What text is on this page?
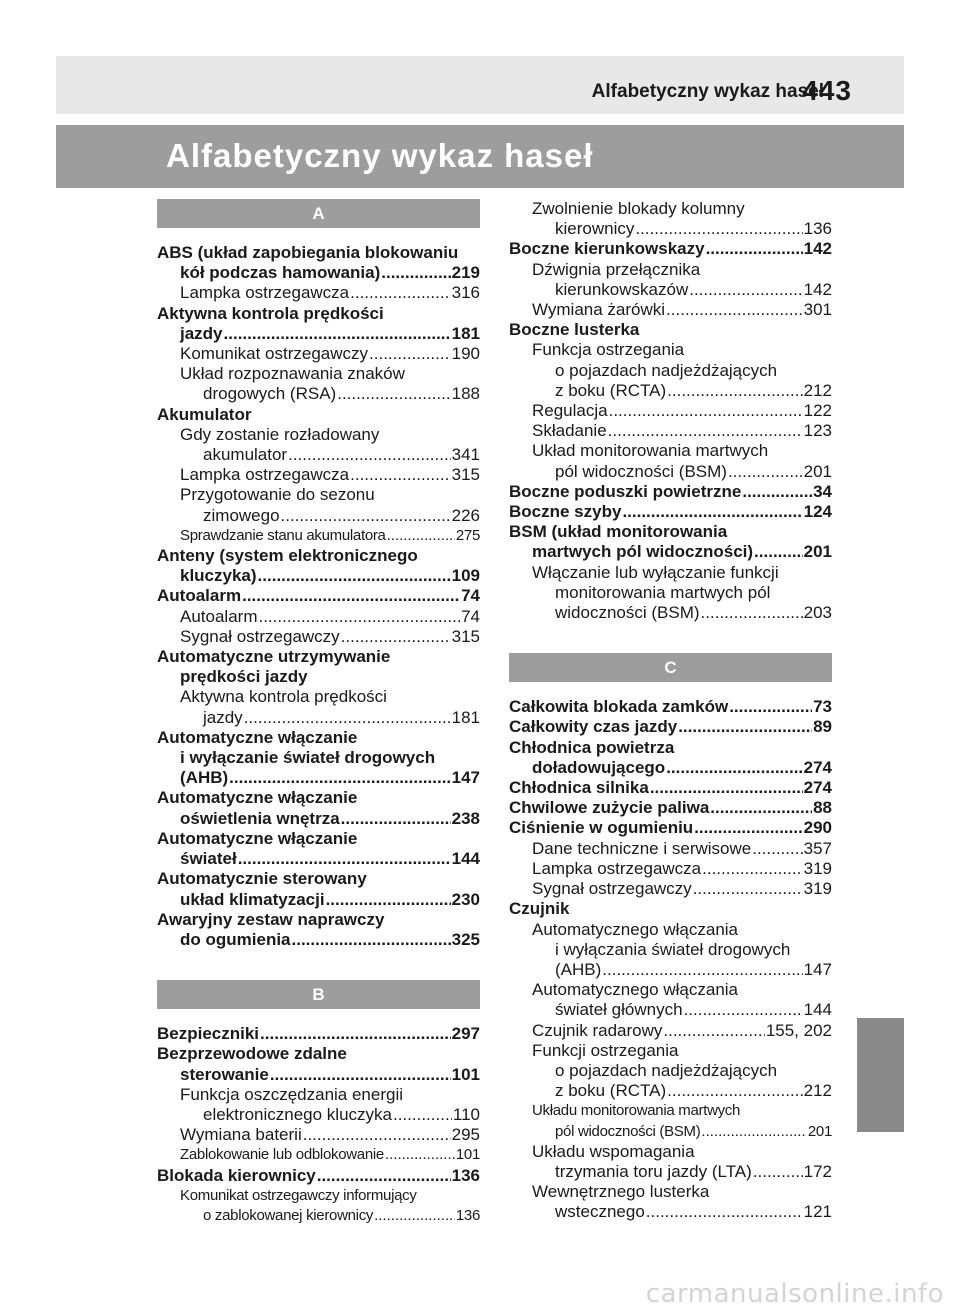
Alfabetyczny wykaz haseł
443
Alfabetyczny wykaz haseł
A
ABS (układ zapobiegania blokowaniu
kół podczas hamowania) .....	219
Lampka ostrzegawcza .....	316
Aktywna kontrola prędkości
jazdy .....	181
Komunikat ostrzegawczy .....	190
Układ rozpoznawania znaków
drogowych (RSA) .....	188
Akumulator
Gdy zostanie rozładowany
akumulator .....	341
Lampka ostrzegawcza .....	315
Przygotowanie do sezonu
zimowego .....	226
Sprawdzanie stanu akumulatora .....	275
Anteny (system elektronicznego
kluczyka) .....	109
Autoalarm .....	74
Autoalarm .....	74
Sygnał ostrzegawczy .....	315
Automatyczne utrzymywanie
prędkości jazdy
Aktywna kontrola prędkości
jazdy .....	181
Automatyczne włączanie
i wyłączanie świateł drogowych
(AHB) .....	147
Automatyczne włączanie
oświetlenia wnętrza .....	238
Automatyczne włączanie
świateł .....	144
Automatycznie sterowany
układ klimatyzacji .....	230
Awaryjny zestaw naprawczy
do ogumienia .....	325
B
Bezpieczniki .....	297
Bezprzewodowe zdalne
sterowanie .....	101
Funkcja oszczędzania energii
elektronicznego kluczyka .....	110
Wymiana baterii .....	295
Zablokowanie lub odblokowanie .....	101
Blokada kierownicy .....	136
Komunikat ostrzegawczy informujący
o zablokowanej kierownicy .....	136
Zwolnienie blokady kolumny
kierownicy .....	136
Boczne kierunkowskazy .....	142
Dźwignia przełącznika
kierunkowskazów .....	142
Wymiana żarówki .....	301
Boczne lusterka
Funkcja ostrzegania
o pojazdach nadjeżdżających
z boku (RCTA) .....	212
Regulacja .....	122
Składanie .....	123
Układ monitorowania martwych
pól widoczności (BSM) .....	201
Boczne poduszki powietrzne .....	34
Boczne szyby .....	124
BSM (układ monitorowania
martwych pól widoczności) .....	201
Włączanie lub wyłączanie funkcji
monitorowania martwych pól
widoczności (BSM) .....	203
C
Całkowita blokada zamków .....	73
Całkowity czas jazdy .....	89
Chłodnica powietrza
doładowującego .....	274
Chłodnica silnika .....	274
Chwilowe zużycie paliwa .....	88
Ciśnienie w ogumieniu .....	290
Dane techniczne i serwisowe .....	357
Lampka ostrzegawcza .....	319
Sygnał ostrzegawczy .....	319
Czujnik
Automatycznego włączania
i wyłączania świateł drogowych
(AHB) .....	147
Automatycznego włączania
świateł głównych .....	144
Czujnik radarowy .....	155, 202
Funkcji ostrzegania
o pojazdach nadjeżdżających
z boku (RCTA) .....	212
Układu monitorowania martwych
pól widoczności (BSM) .....	201
Układu wspomagania
trzymania toru jazdy (LTA) .....	172
Wewnętrznego lusterka
wstecznego .....	121
carmanualsonline.info
